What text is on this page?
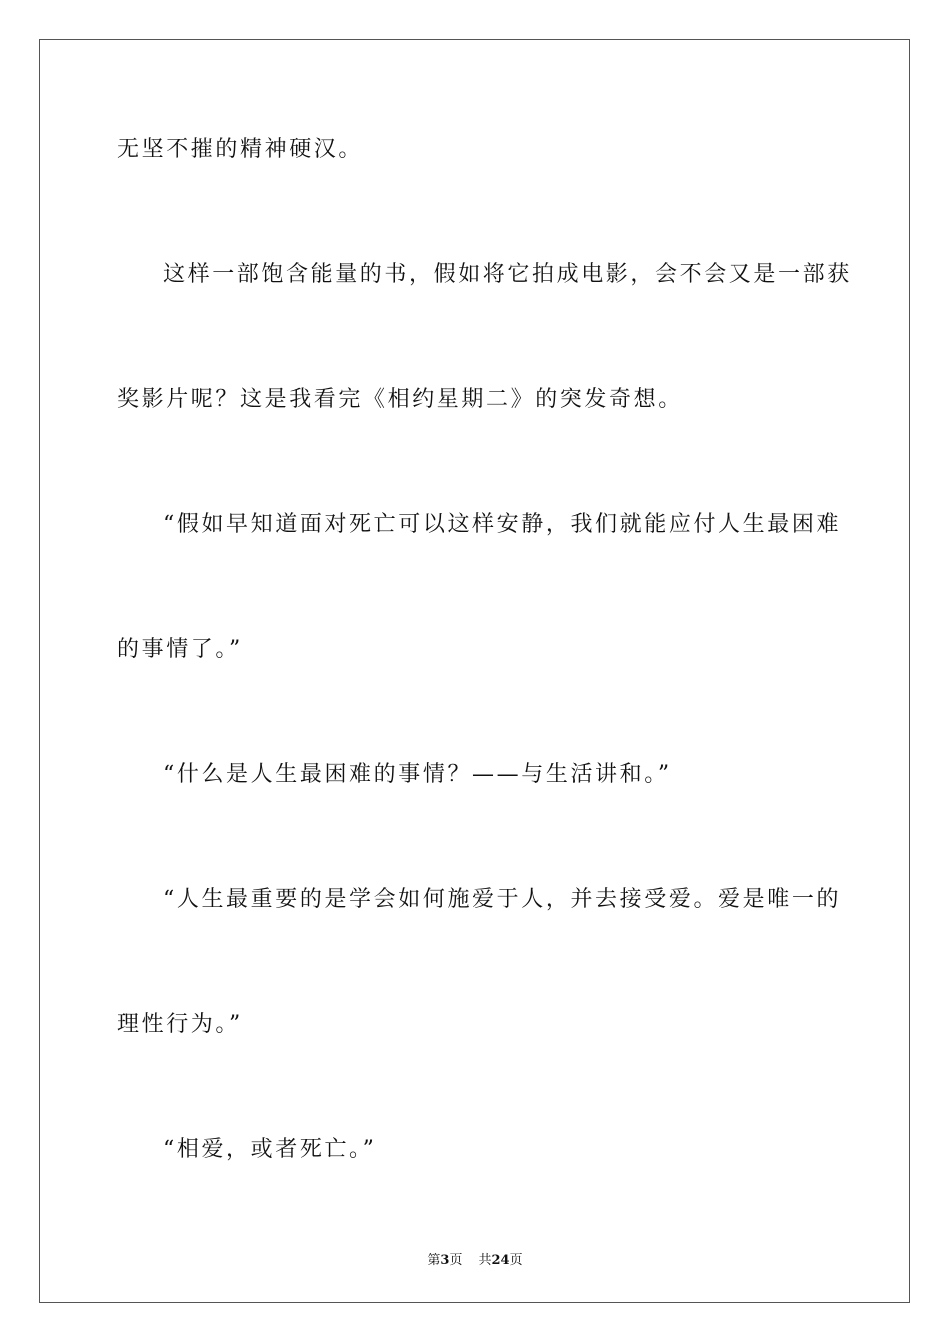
无坚不摧的精神硬汉。
这样一部饱含能量的书，假如将它拍成电影，会不会又是一部获
奖影片呢？这是我看完《相约星期二》的突发奇想。
“假如早知道面对死亡可以这样安静，我们就能应付人生最困难
的事情了。”
“什么是人生最困难的事情？——与生活讲和。”
“人生最重要的是学会如何施爱于人，并去接受爱。爱是唯一的
理性行为。”
“相爱，或者死亡。”
第3页 共24页
